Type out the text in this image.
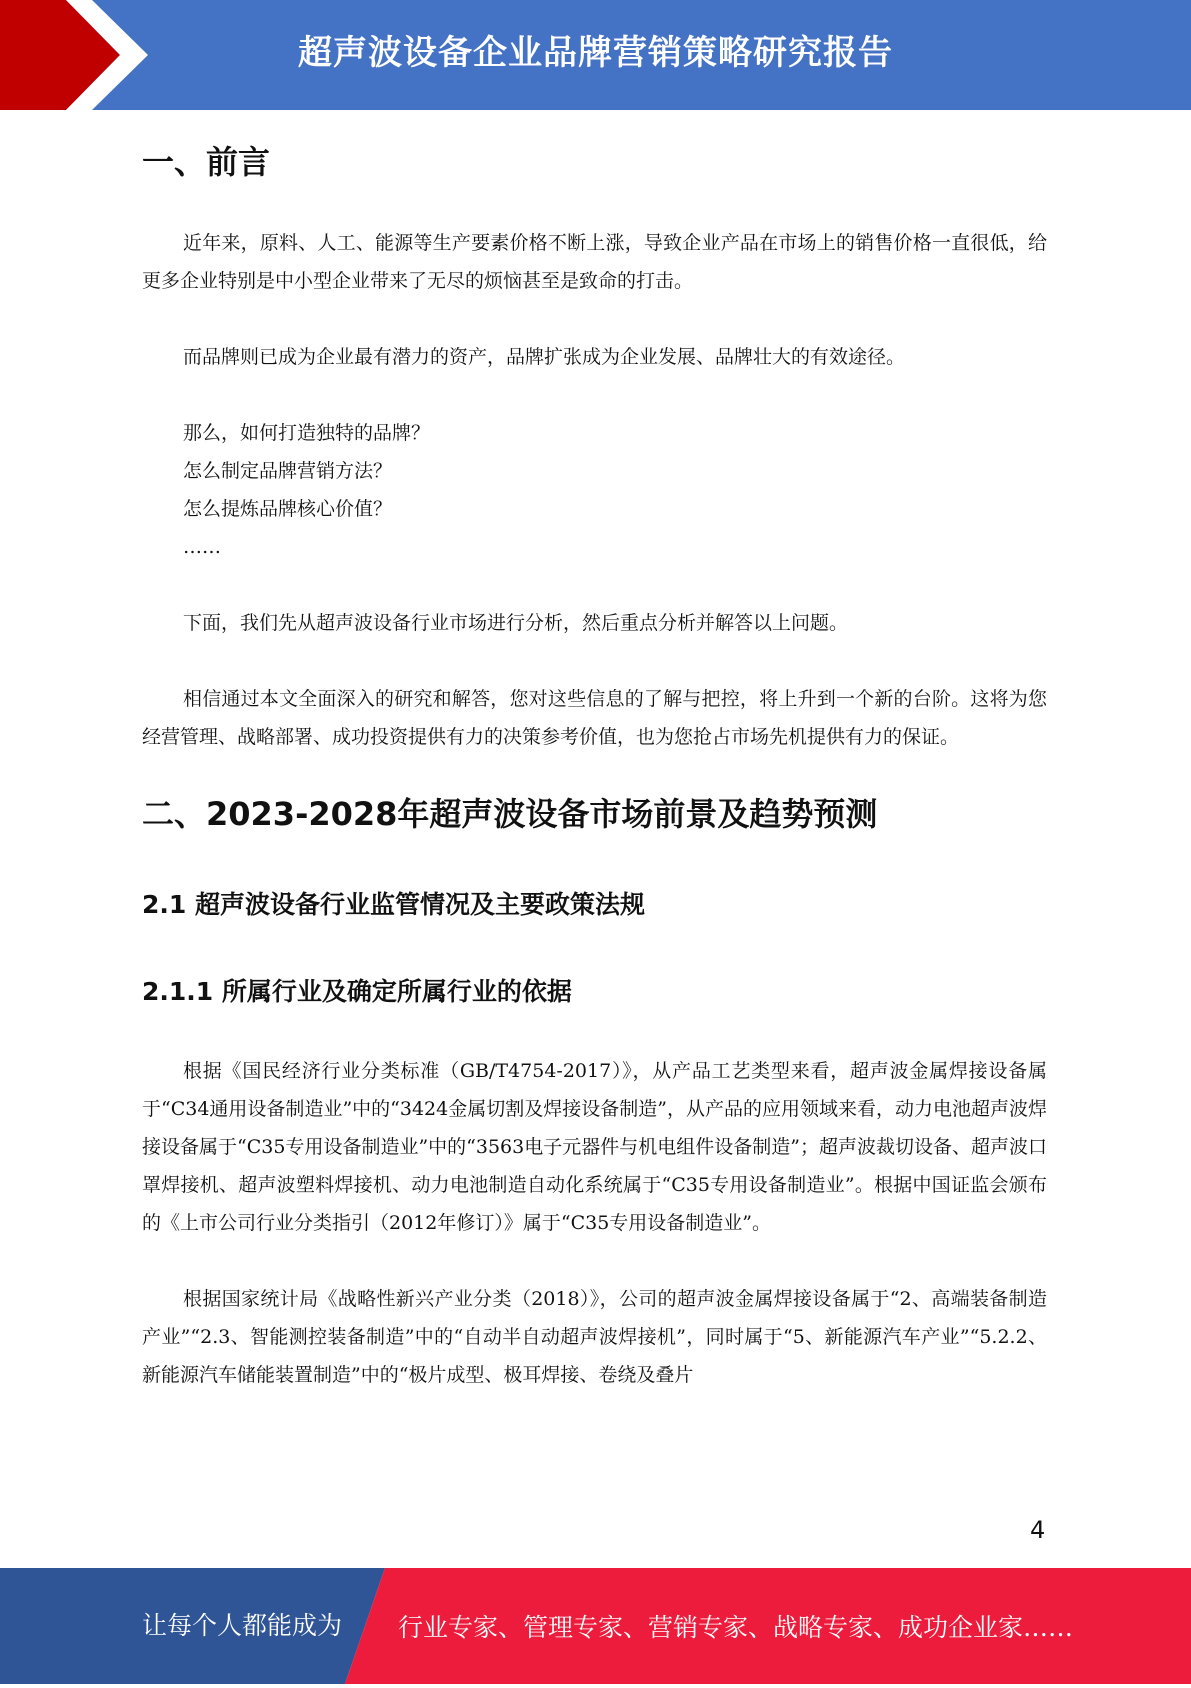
超声波设备企业品牌营销策略研究报告
一、前言

近年来，原料、人工、能源等生产要素价格不断上涨，导致企业产品在市场上的销售价格一直很低，给更多企业特别是中小型企业带来了无尽的烦恼甚至是致命的打击。

而品牌则已成为企业最有潜力的资产，品牌扩张成为企业发展、品牌壮大的有效途径。

那么，如何打造独特的品牌？
怎么制定品牌营销方法？
怎么提炼品牌核心价值？
……

下面，我们先从超声波设备行业市场进行分析，然后重点分析并解答以上问题。

相信通过本文全面深入的研究和解答，您对这些信息的了解与把控，将上升到一个新的台阶。这将为您经营管理、战略部署、成功投资提供有力的决策参考价值，也为您抢占市场先机提供有力的保证。

二、2023-2028年超声波设备市场前景及趋势预测
2.1 超声波设备行业监管情况及主要政策法规
2.1.1 所属行业及确定所属行业的依据

根据《国民经济行业分类标准（GB/T4754-2017）》，从产品工艺类型来看，超声波金属焊接设备属于“C34通用设备制造业”中的“3424金属切割及焊接设备制造”，从产品的应用领域来看，动力电池超声波焊接设备属于“C35专用设备制造业”中的“3563电子元器件与机电组件设备制造”；超声波裁切设备、超声波口罩焊接机、超声波塑料焊接机、动力电池制造自动化系统属于“C35专用设备制造业”。根据中国证监会颁布的《上市公司行业分类指引（2012年修订）》属于“C35专用设备制造业”。

根据国家统计局《战略性新兴产业分类（2018）》，公司的超声波金属焊接设备属于“2、高端装备制造产业”“2.3、智能测控装备制造”中的“自动半自动超声波焊接机”，同时属于“5、新能源汽车产业”“5.2.2、新能源汽车储能装置制造”中的“极片成型、极耳焊接、卷绕及叠片

4
让每个人都能成为 行业专家、管理专家、营销专家、战略专家、成功企业家……
